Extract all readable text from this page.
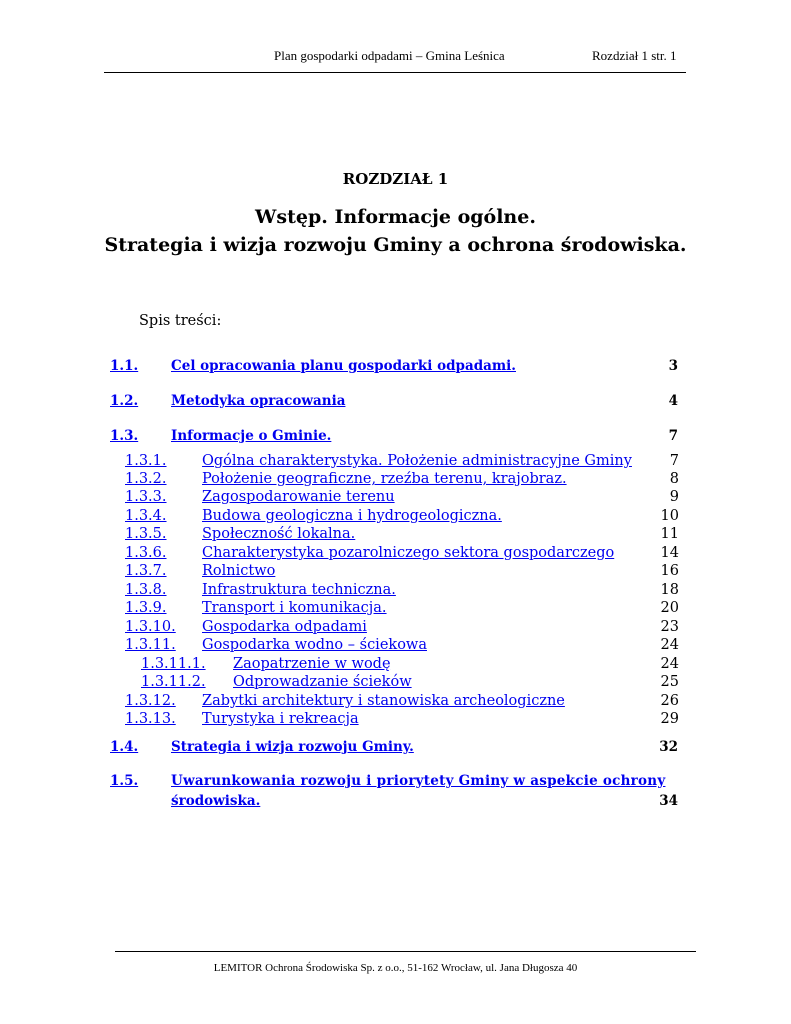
Plan gospodarki odpadami – Gmina Leśnica	Rozdział 1 str. 1
ROZDZIAŁ 1
Wstęp. Informacje ogólne.
Strategia i wizja rozwoju Gminy a ochrona środowiska.
Spis treści:
1.1. Cel opracowania planu gospodarki odpadami.	3
1.2. Metodyka opracowania	4
1.3. Informacje o Gminie.	7
1.3.1. Ogólna charakterystyka. Położenie administracyjne Gminy	7
1.3.2. Położenie geograficzne, rzeźba terenu, krajobraz.	8
1.3.3. Zagospodarowanie terenu	9
1.3.4. Budowa geologiczna i hydrogeologiczna.	10
1.3.5. Społeczność lokalna.	11
1.3.6. Charakterystyka pozarolniczego sektora gospodarczego	14
1.3.7. Rolnictwo	16
1.3.8. Infrastruktura techniczna.	18
1.3.9. Transport i komunikacja.	20
1.3.10. Gospodarka odpadami	23
1.3.11. Gospodarka wodno – ściekowa	24
1.3.11.1. Zaopatrzenie w wodę	24
1.3.11.2. Odprowadzanie ścieków	25
1.3.12. Zabytki architektury i stanowiska archeologiczne	26
1.3.13. Turystyka i rekreacja	29
1.4. Strategia i wizja rozwoju Gminy.	32
1.5. Uwarunkowania rozwoju i priorytety Gminy w aspekcie ochrony
środowiska.	34
LEMITOR Ochrona Środowiska Sp. z o.o., 51-162 Wrocław, ul. Jana Długosza 40
